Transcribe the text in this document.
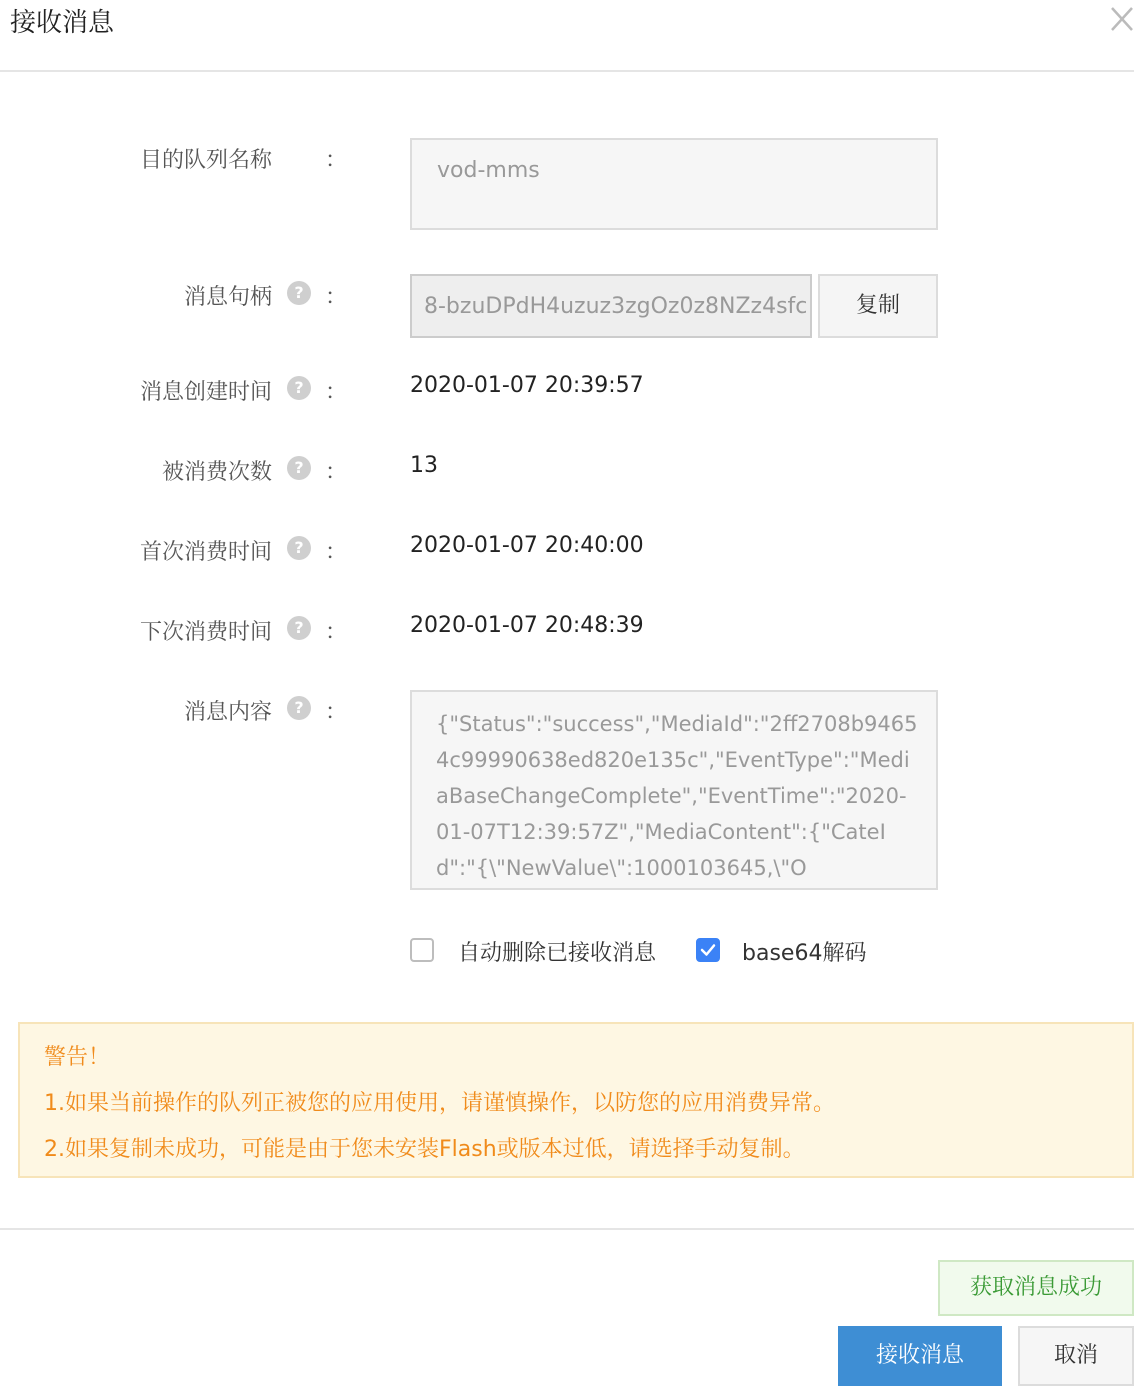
接收消息
目的队列名称 ：	vod-mms
消息句柄	? ：	8-bzuDPdH4uzuz3zgOz0z8NZz4sfc	复制
消息创建时间	? ：	2020-01-07 20:39:57
被消费次数	? ：	13
首次消费时间	? ：	2020-01-07 20:40:00
下次消费时间	? ：	2020-01-07 20:48:39
消息内容	? ：	{"Status":"success","MediaId":"2ff2708b94654c99990638ed820e135c","EventType":"MediaBaseChangeComplete","EventTime":"2020-01-07T12:39:57Z","MediaContent":{"CateId":"{\"NewValue\":1000103645,\"O

自动删除已接收消息	base64解码
警告！
1.如果当前操作的队列正被您的应用使用，请谨慎操作，以防您的应用消费异常。
2.如果复制未成功，可能是由于您未安装Flash或版本过低，请选择手动复制。
获取消息成功
接收消息	取消
